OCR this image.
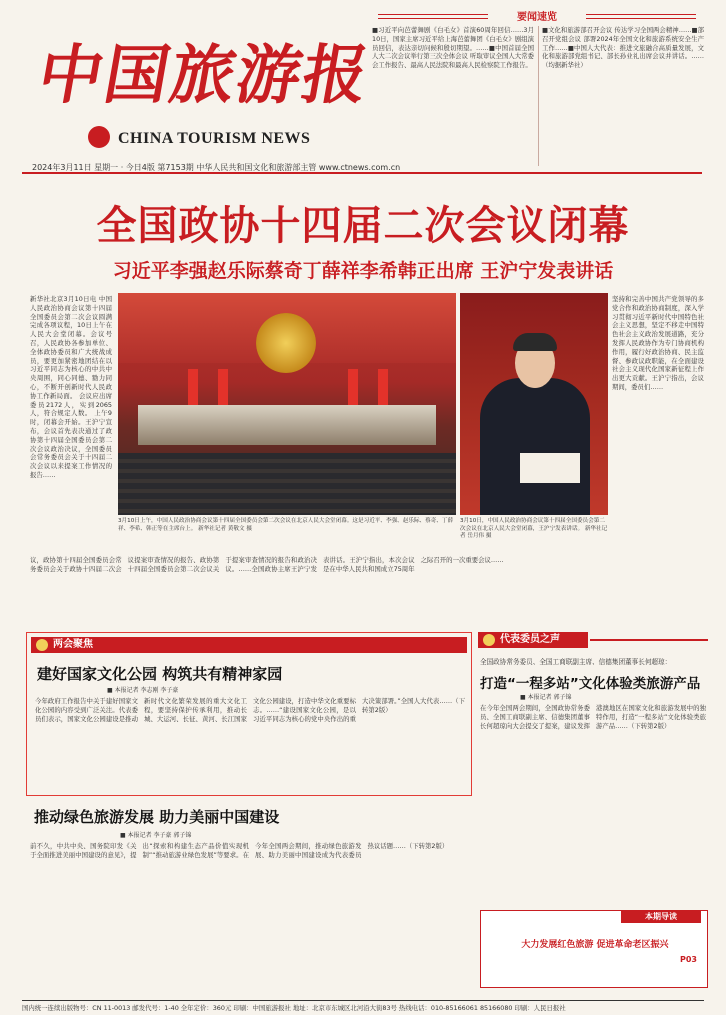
中国旅游报
CHINA TOURISM NEWS
2024年3月11日 星期一 · 今日4版 第7153期 中华人民共和国文化和旅游部主管 www.ctnews.com.cn
要闻速览
■习近平向芭蕾舞剧《白毛女》首演60周年回信……3月10日，国家主席习近平给上海芭蕾舞团《白毛女》剧组演员回信，表达亲切问候和殷切期望。……■中国首届全国人大二次会议举行第三次全体会议 听取审议全国人大常委会工作报告、最高人民法院和最高人民检察院工作报告。
■文化和旅游部召开会议 传达学习全国两会精神……■部召开党组会议 部署2024年全国文化和旅游系统安全生产工作……■中国人大代表：推进文旅融合高质量发展，文化和旅游部党组书记、部长孙业礼出席会议并讲话。……（均据新华社）
全国政协十四届二次会议闭幕
习近平李强赵乐际蔡奇丁薛祥李希韩正出席 王沪宁发表讲话
新华社北京3月10日电 中国人民政治协商会议第十四届全国委员会第二次会议圆满完成各项议程，10日上午在人民大会堂闭幕。会议号召，人民政协各参加单位、全体政协委员和广大统战成员，要更加紧密地团结在以习近平同志为核心的中共中央周围，同心同德、勠力同心，不断开创新时代人民政协工作新局面。 会议应出席委员2172人，实到2065人，符合规定人数。 上午9时，闭幕会开始。王沪宁宣布，会议首先表决通过了政协第十四届全国委员会第二次会议政治决议，全国委员会常务委员会关于十四届二次会议以来提案工作情况的报告……
坚持和完善中国共产党领导的多党合作和政治协商制度，深入学习贯彻习近平新时代中国特色社会主义思想，坚定不移走中国特色社会主义政治发展道路，充分发挥人民政协作为专门协商机构作用，履行好政治协商、民主监督、参政议政职能，在全面建设社会主义现代化国家新征程上作出更大贡献。王沪宁指出，会议期间，委员们……
3月10日上午，中国人民政治协商会议第十四届全国委员会第二次会议在北京人民大会堂闭幕。这是习近平、李强、赵乐际、蔡奇、丁薛祥、李希、韩正等在主席台上。 新华社记者 黄敬文 摄
3月10日，中国人民政治协商会议第十四届全国委员会第二次会议在北京人民大会堂闭幕，王沪宁发表讲话。 新华社记者 岳月伟 摄
议，政协第十四届全国委员会常务委员会关于政协十四届二次会议提案审查情况的报告、政协第十四届全国委员会第二次会议关于提案审查情况的报告和政治决议。……全国政协主席王沪宁发表讲话。王沪宁指出，本次会议是在中华人民共和国成立75周年之际召开的一次重要会议……
两会聚焦
建好国家文化公园 构筑共有精神家园
■ 本报记者 李志刚 李子豪
今年政府工作报告中关于建好国家文化公园的内容受到广泛关注。代表委员们表示，国家文化公园建设是推动新时代文化繁荣发展的重大文化工程，要坚持保护传承利用，推动长城、大运河、长征、黄河、长江国家文化公园建设，打造中华文化重要标志。……“建设国家文化公园，是以习近平同志为核心的党中央作出的重大决策部署。”全国人大代表……（下转第2版）
代表委员之声
全国政协常务委员、全国工商联副主席、信德集团董事长何超琼：
打造“一程多站”文化体验类旅游产品
■ 本报记者 郭子锦
在今年全国两会期间，全国政协常务委员、全国工商联副主席、信德集团董事长何超琼向大会提交了提案，建议发挥港澳地区在国家文化和旅游发展中的独特作用，打造“一程多站”文化体验类旅游产品……（下转第2版）
推动绿色旅游发展 助力美丽中国建设
■ 本报记者 李子豪 郭子锦
前不久，中共中央、国务院印发《关于全面推进美丽中国建设的意见》，提出“探索和构建生态产品价值实现机制”“推动旅游业绿色发展”等要求。在今年全国两会期间，推动绿色旅游发展、助力美丽中国建设成为代表委员热议话题……（下转第2版）
本期导读
大力发展红色旅游 促进革命老区振兴
P03
国内统一连续出版物号：CN 11-0013 邮发代号：1-40 全年定价：360元 印刷：中国旅游报社 地址：北京市东城区北河沿大街83号 热线电话：010-85166061 85166080 印刷：人民日报社
